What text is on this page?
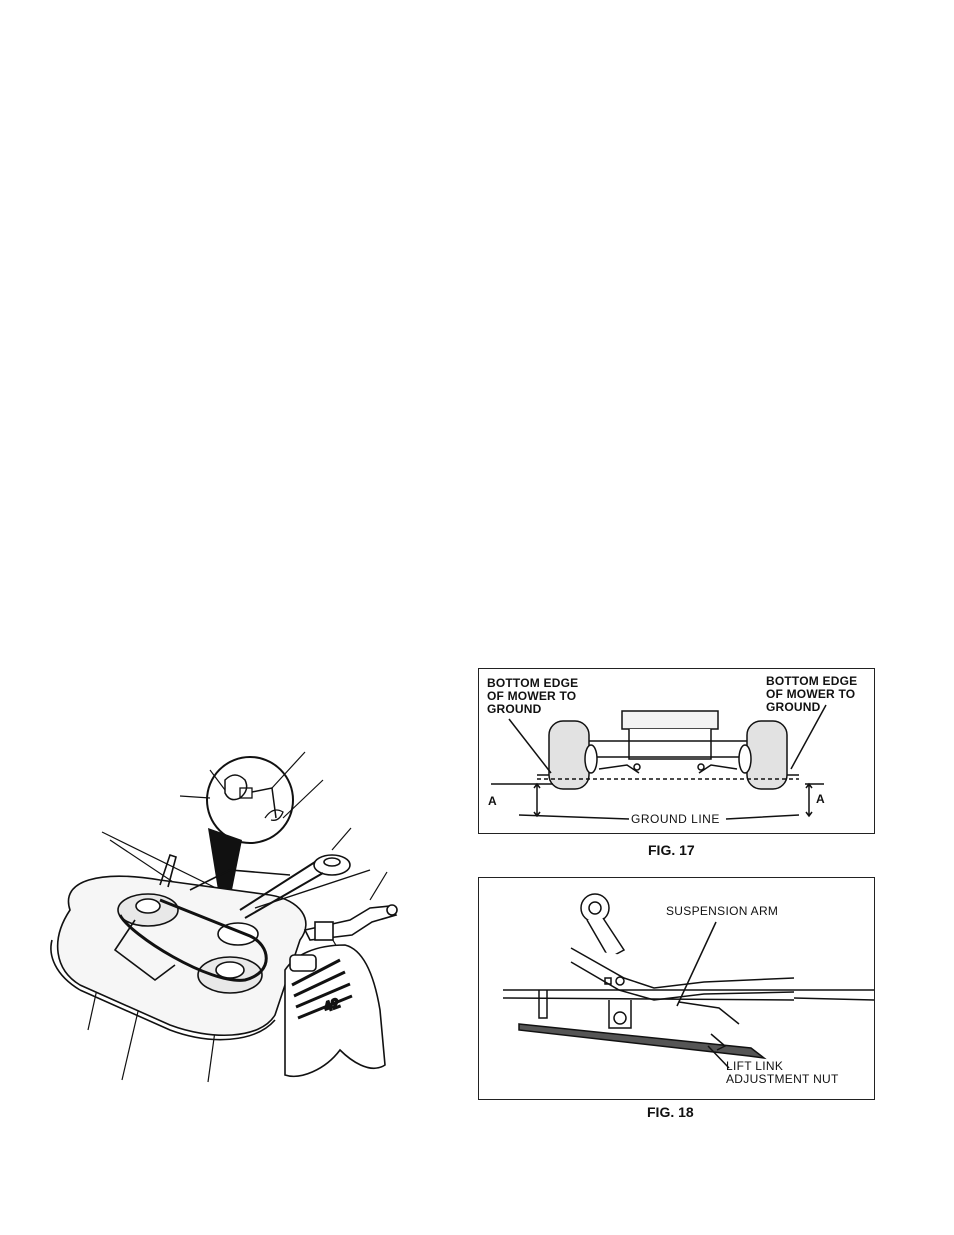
42
BOTTOM EDGE
OF MOWER TO
GROUND
BOTTOM EDGE
OF MOWER TO
GROUND
A	A
GROUND LINE
FIG. 17
SUSPENSION ARM
LIFT LINK
ADJUSTMENT NUT
FIG. 18
